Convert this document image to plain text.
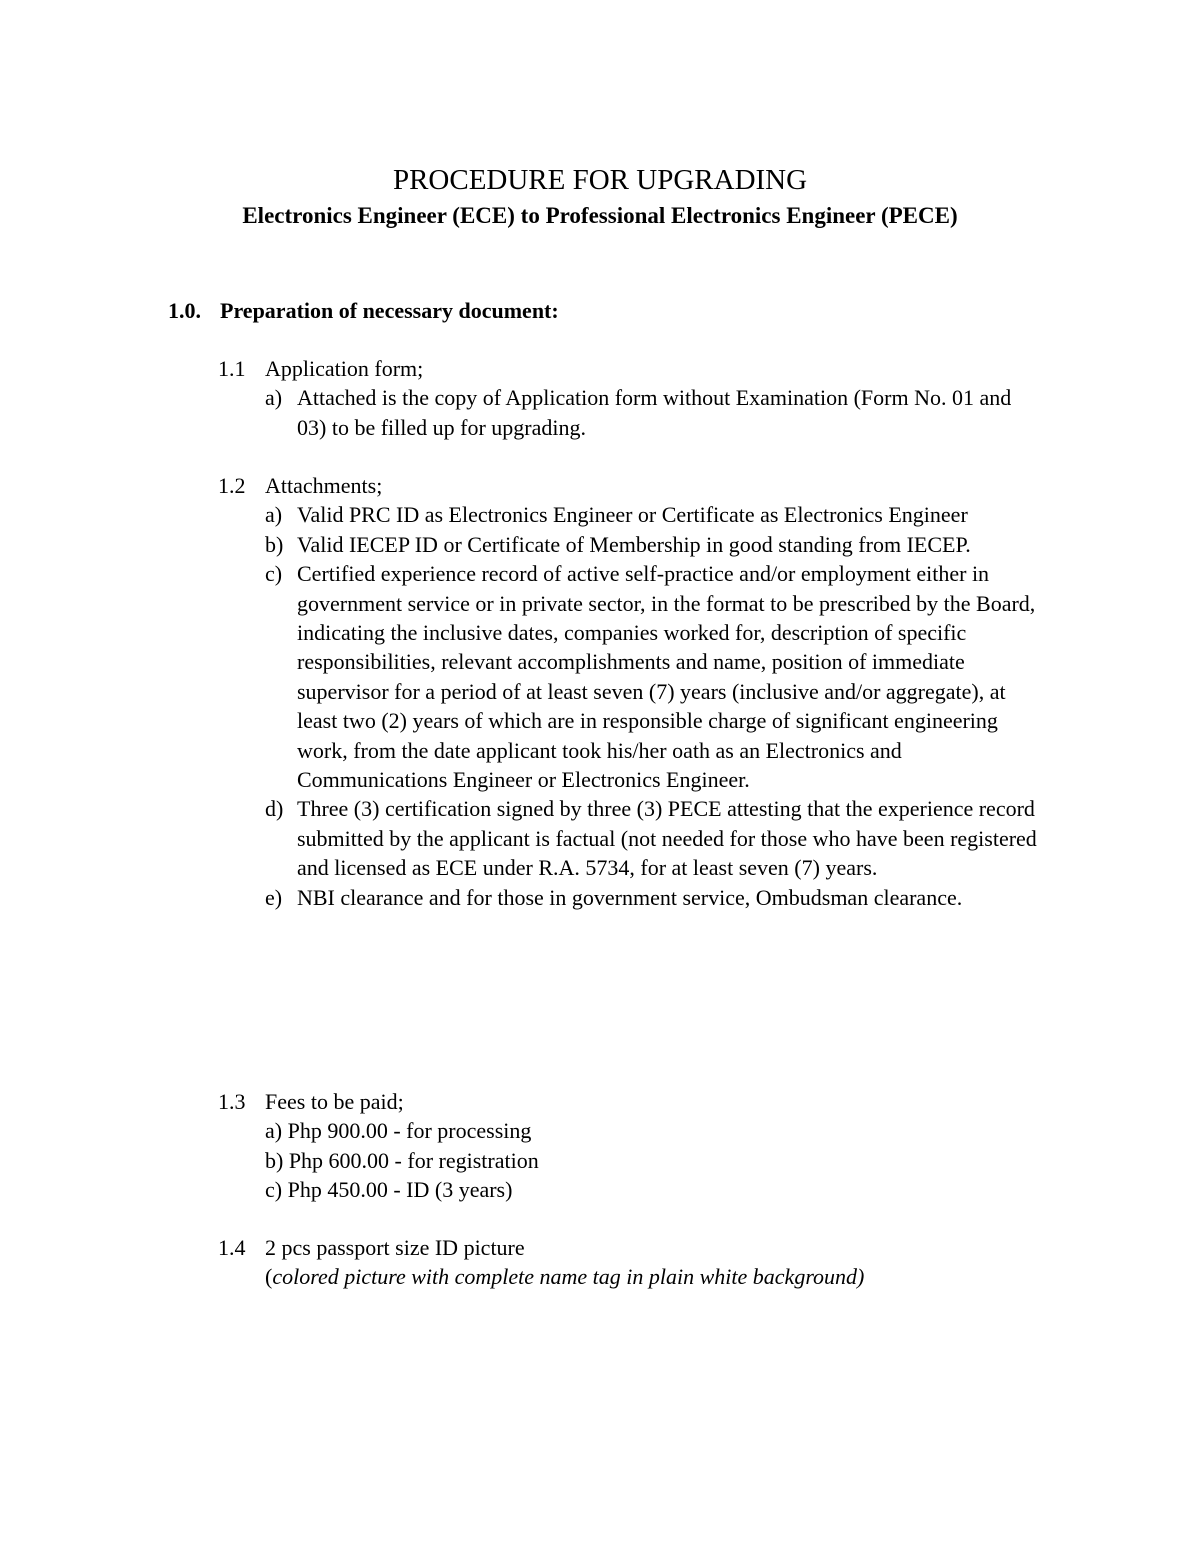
PROCEDURE FOR UPGRADING
Electronics Engineer (ECE) to Professional Electronics Engineer (PECE)
1.0. Preparation of necessary document:
1.1 Application form;
a) Attached is the copy of Application form without Examination (Form No. 01 and 03) to be filled up for upgrading.
1.2 Attachments;
a) Valid PRC ID as Electronics Engineer or Certificate as Electronics Engineer
b) Valid IECEP ID or Certificate of Membership in good standing from IECEP.
c) Certified experience record of active self-practice and/or employment either in government service or in private sector, in the format to be prescribed by the Board, indicating the inclusive dates, companies worked for, description of specific responsibilities, relevant accomplishments and name, position of immediate supervisor for a period of at least seven (7) years (inclusive and/or aggregate), at least two (2) years of which are in responsible charge of significant engineering work, from the date applicant took his/her oath as an Electronics and Communications Engineer or Electronics Engineer.
d) Three (3) certification signed by three (3) PECE attesting that the experience record submitted by the applicant is factual (not needed for those who have been registered and licensed as ECE under R.A. 5734, for at least seven (7) years.
e) NBI clearance and for those in government service, Ombudsman clearance.
1.3 Fees to be paid;
a) Php 900.00 - for processing
b) Php 600.00 - for registration
c) Php 450.00 - ID (3 years)
1.4 2 pcs passport size ID picture
(colored picture with complete name tag in plain white background)
